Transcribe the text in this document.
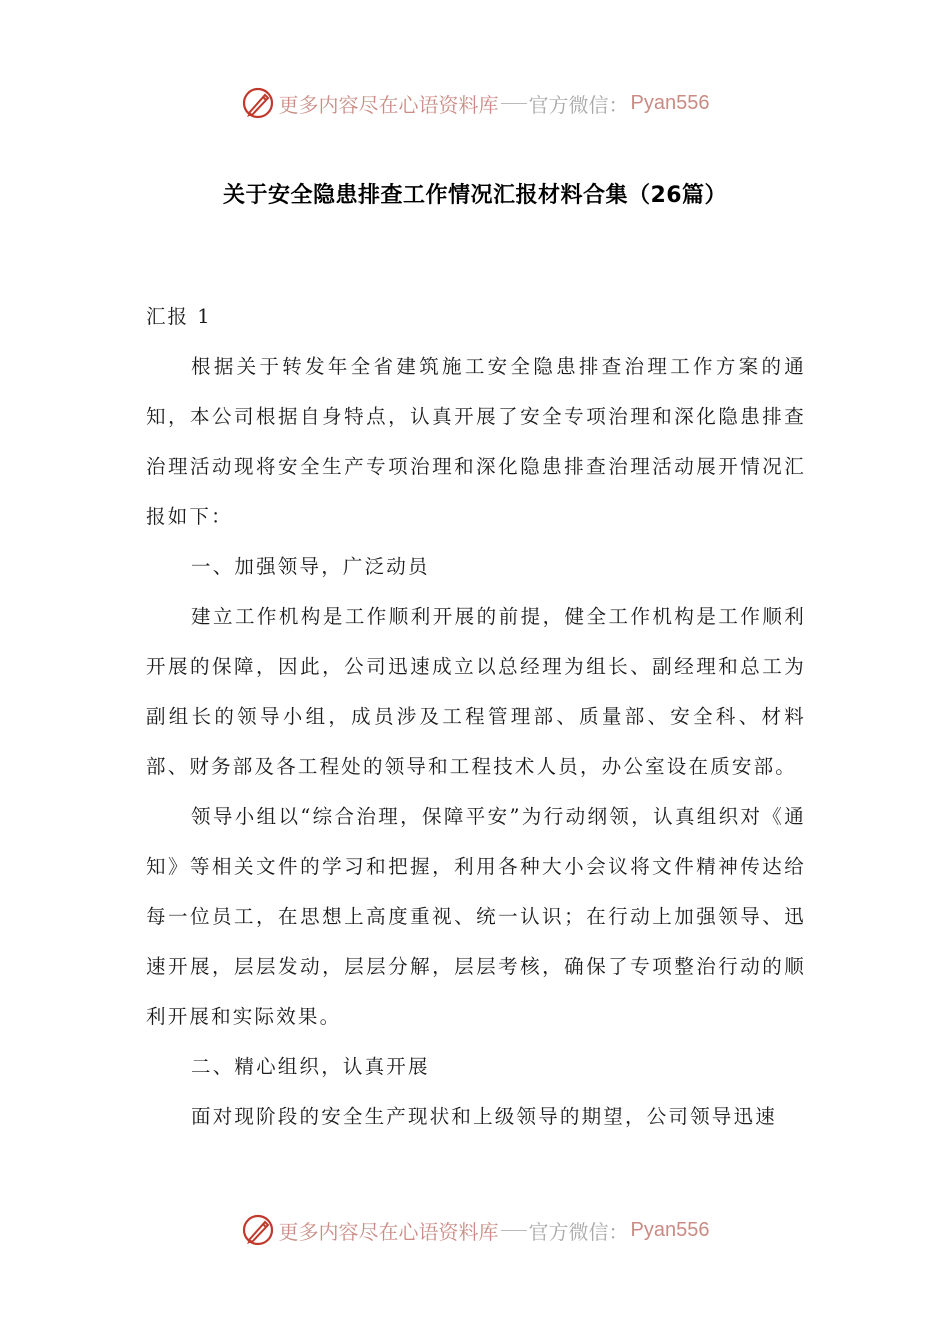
更多内容尽在心语资料库 官方微信： Pyan556
关于安全隐患排查工作情况汇报材料合集（26篇）

汇报 1

根据关于转发年全省建筑施工安全隐患排查治理工作方案的通知，本公司根据自身特点，认真开展了安全专项治理和深化隐患排查治理活动现将安全生产专项治理和深化隐患排查治理活动展开情况汇报如下：

一、加强领导，广泛动员

建立工作机构是工作顺利开展的前提，健全工作机构是工作顺利开展的保障，因此，公司迅速成立以总经理为组长、副经理和总工为副组长的领导小组，成员涉及工程管理部、质量部、安全科、材料部、财务部及各工程处的领导和工程技术人员，办公室设在质安部。

领导小组以“综合治理，保障平安”为行动纲领，认真组织对《通知》等相关文件的学习和把握，利用各种大小会议将文件精神传达给每一位员工，在思想上高度重视、统一认识；在行动上加强领导、迅速开展，层层发动，层层分解，层层考核，确保了专项整治行动的顺利开展和实际效果。

二、精心组织，认真开展

面对现阶段的安全生产现状和上级领导的期望，公司领导迅速

更多内容尽在心语资料库 官方微信： Pyan556
